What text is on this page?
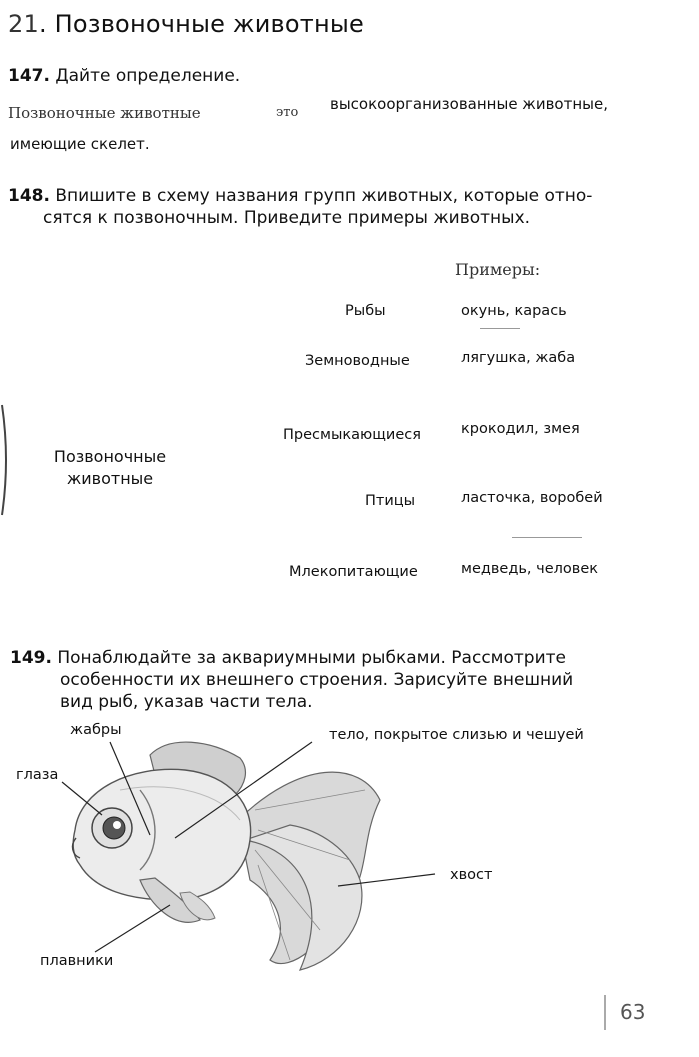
21. Позвоночные животные
147. Дайте определение.
Позвоночные животные	это высокоорганизованные животные,
имеющие скелет.
148. Впишите в схему названия групп животных, которые отно-
сятся к позвоночным. Приведите примеры животных.
Примеры:
Позвоночные
животные
Рыбы	окунь, карась
Земноводные	лягушка, жаба
Пресмыкающиеся	крокодил, змея
Птицы	ласточка, воробей
Млекопитающие	медведь, человек
149. Понаблюдайте за аквариумными рыбками. Рассмотрите
особенности их внешнего строения. Зарисуйте внешний
вид рыб, указав части тела.
жабры
глаза
тело, покрытое слизью и чешуей
хвост
плавники
63
